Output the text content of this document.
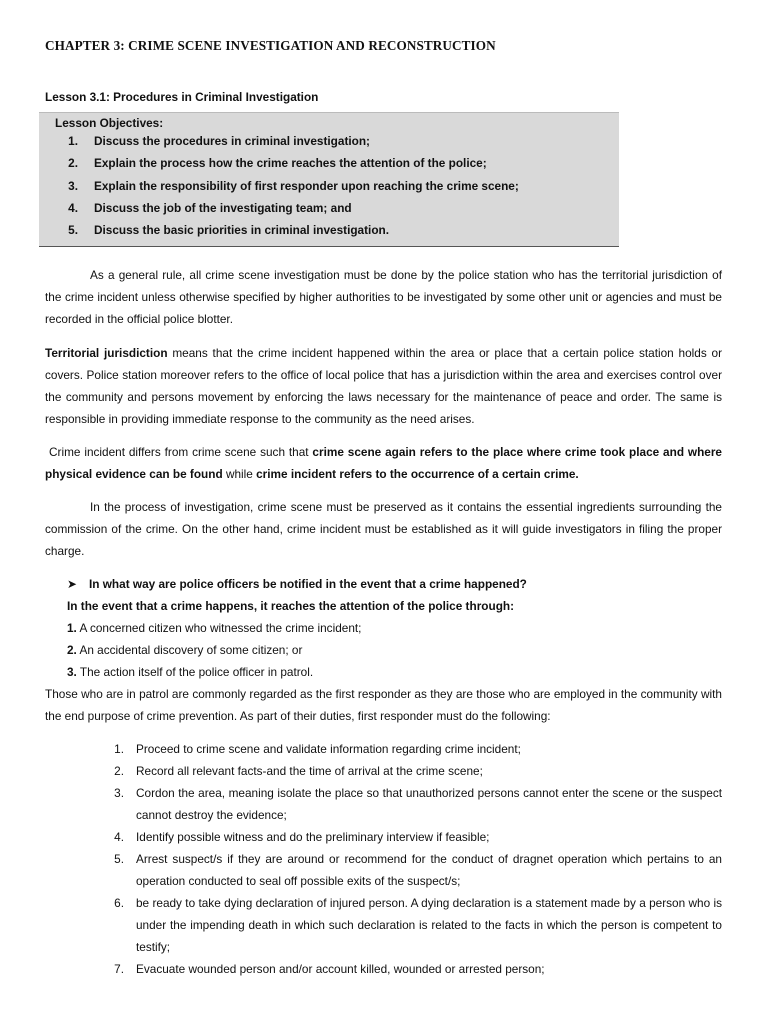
CHAPTER 3: CRIME SCENE INVESTIGATION AND RECONSTRUCTION
Lesson 3.1: Procedures in Criminal Investigation
Lesson Objectives:
1.	Discuss the procedures in criminal investigation;
2.	Explain the process how the crime reaches the attention of the police;
3.	Explain the responsibility of first responder upon reaching the crime scene;
4.	Discuss the job of the investigating team; and
5.	Discuss the basic priorities in criminal investigation.

As a general rule, all crime scene investigation must be done by the police station who has the territorial jurisdiction of the crime incident unless otherwise specified by higher authorities to be investigated by some other unit or agencies and must be recorded in the official police blotter.

Territorial jurisdiction means that the crime incident happened within the area or place that a certain police station holds or covers. Police station moreover refers to the office of local police that has a jurisdiction within the area and exercises control over the community and persons movement by enforcing the laws necessary for the maintenance of peace and order. The same is responsible in providing immediate response to the community as the need arises.

Crime incident differs from crime scene such that crime scene again refers to the place where crime took place and where physical evidence can be found while crime incident refers to the occurrence of a certain crime.

In the process of investigation, crime scene must be preserved as it contains the essential ingredients surrounding the commission of the crime. On the other hand, crime incident must be established as it will guide investigators in filing the proper charge.

➤ In what way are police officers be notified in the event that a crime happened?
In the event that a crime happens, it reaches the attention of the police through:
1. A concerned citizen who witnessed the crime incident;
2. An accidental discovery of some citizen; or
3. The action itself of the police officer in patrol.

Those who are in patrol are commonly regarded as the first responder as they are those who are employed in the community with the end purpose of crime prevention. As part of their duties, first responder must do the following:

1.	Proceed to crime scene and validate information regarding crime incident;
2.	Record all relevant facts-and the time of arrival at the crime scene;
3.	Cordon the area, meaning isolate the place so that unauthorized persons cannot enter the scene or the suspect cannot destroy the evidence;
4.	Identify possible witness and do the preliminary interview if feasible;
5.	Arrest suspect/s if they are around or recommend for the conduct of dragnet operation which pertains to an operation conducted to seal off possible exits of the suspect/s;
6.	be ready to take dying declaration of injured person. A dying declaration is a statement made by a person who is under the impending death in which such declaration is related to the facts in which the person is competent to testify;
7.	Evacuate wounded person and/or account killed, wounded or arrested person;
